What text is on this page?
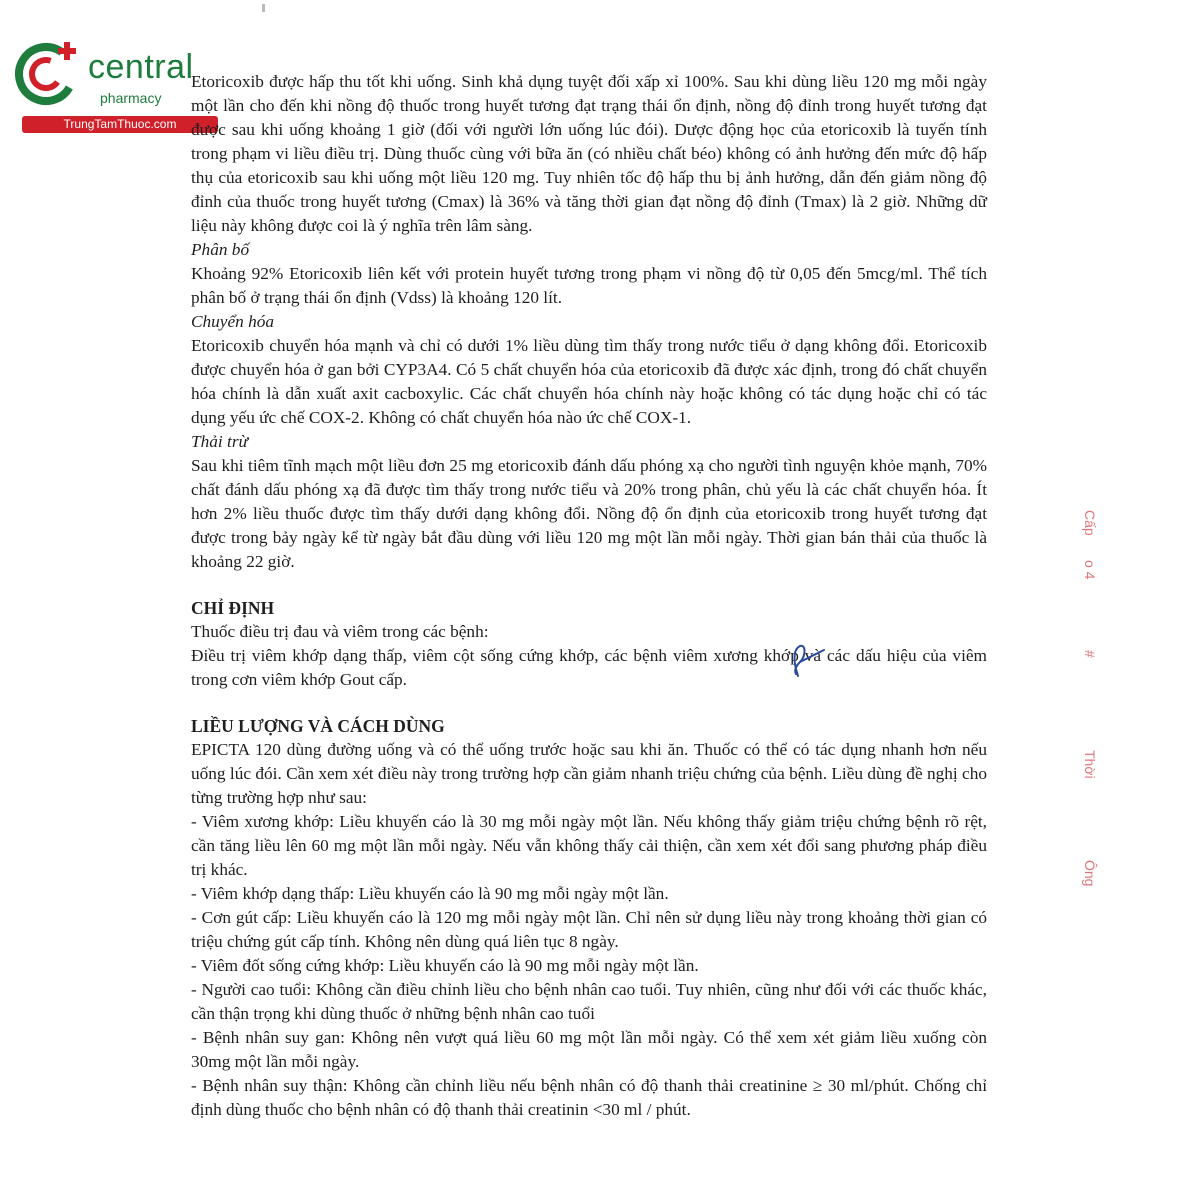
central
pharmacy
TrungTamThuoc.com

Etoricoxib được hấp thu tốt khi uống. Sinh khả dụng tuyệt đối xấp xỉ 100%. Sau khi dùng liều 120 mg mỗi ngày một lần cho đến khi nồng độ thuốc trong huyết tương đạt trạng thái ổn định, nồng độ đỉnh trong huyết tương đạt được sau khi uống khoảng 1 giờ (đối với người lớn uống lúc đói). Dược động học của etoricoxib là tuyến tính trong phạm vi liều điều trị. Dùng thuốc cùng với bữa ăn (có nhiều chất béo) không có ảnh hưởng đến mức độ hấp thụ của etoricoxib sau khi uống một liều 120 mg. Tuy nhiên tốc độ hấp thu bị ảnh hưởng, dẫn đến giảm nồng độ đỉnh của thuốc trong huyết tương (Cmax) là 36% và tăng thời gian đạt nồng độ đỉnh (Tmax) là 2 giờ. Những dữ liệu này không được coi là ý nghĩa trên lâm sàng.

Phân bố

Khoảng 92% Etoricoxib liên kết với protein huyết tương trong phạm vi nồng độ từ 0,05 đến 5mcg/ml. Thể tích phân bố ở trạng thái ổn định (Vdss) là khoảng 120 lít.

Chuyển hóa

Etoricoxib chuyển hóa mạnh và chỉ có dưới 1% liều dùng tìm thấy trong nước tiểu ở dạng không đổi. Etoricoxib được chuyển hóa ở gan bởi CYP3A4. Có 5 chất chuyển hóa của etoricoxib đã được xác định, trong đó chất chuyển hóa chính là dẫn xuất axit cacboxylic. Các chất chuyển hóa chính này hoặc không có tác dụng hoặc chỉ có tác dụng yếu ức chế COX-2. Không có chất chuyển hóa nào ức chế COX-1.

Thải trừ

Sau khi tiêm tĩnh mạch một liều đơn 25 mg etoricoxib đánh dấu phóng xạ cho người tình nguyện khỏe mạnh, 70% chất đánh dấu phóng xạ đã được tìm thấy trong nước tiểu và 20% trong phân, chủ yếu là các chất chuyển hóa. Ít hơn 2% liều thuốc được tìm thấy dưới dạng không đổi. Nồng độ ổn định của etoricoxib trong huyết tương đạt được trong bảy ngày kể từ ngày bắt đầu dùng với liều 120 mg một lần mỗi ngày. Thời gian bán thải của thuốc là khoảng 22 giờ.

CHỈ ĐỊNH

Thuốc điều trị đau và viêm trong các bệnh:

Điều trị viêm khớp dạng thấp, viêm cột sống cứng khớp, các bệnh viêm xương khớp và các dấu hiệu của viêm trong cơn viêm khớp Gout cấp.

LIỀU LƯỢNG VÀ CÁCH DÙNG

EPICTA 120 dùng đường uống và có thể uống trước hoặc sau khi ăn. Thuốc có thể có tác dụng nhanh hơn nếu uống lúc đói. Cần xem xét điều này trong trường hợp cần giảm nhanh triệu chứng của bệnh. Liều dùng đề nghị cho từng trường hợp như sau:

- Viêm xương khớp: Liều khuyến cáo là 30 mg mỗi ngày một lần. Nếu không thấy giảm triệu chứng bệnh rõ rệt, cần tăng liều lên 60 mg một lần mỗi ngày. Nếu vẫn không thấy cải thiện, cần xem xét đổi sang phương pháp điều trị khác.

- Viêm khớp dạng thấp: Liều khuyến cáo là 90 mg mỗi ngày một lần.

- Cơn gút cấp: Liều khuyến cáo là 120 mg mỗi ngày một lần. Chỉ nên sử dụng liều này trong khoảng thời gian có triệu chứng gút cấp tính. Không nên dùng quá liên tục 8 ngày.

- Viêm đốt sống cứng khớp: Liều khuyến cáo là 90 mg mỗi ngày một lần.

- Người cao tuổi: Không cần điều chỉnh liều cho bệnh nhân cao tuổi. Tuy nhiên, cũng như đối với các thuốc khác, cần thận trọng khi dùng thuốc ở những bệnh nhân cao tuổi

- Bệnh nhân suy gan: Không nên vượt quá liều 60 mg một lần mỗi ngày. Có thể xem xét giảm liều xuống còn 30mg một lần mỗi ngày.

- Bệnh nhân suy thận: Không cần chỉnh liều nếu bệnh nhân có độ thanh thải creatinine ≥ 30 ml/phút. Chống chỉ định dùng thuốc cho bệnh nhân có độ thanh thải creatinin <30 ml / phút.

Cấp
o 4
#
Thời
Ông
